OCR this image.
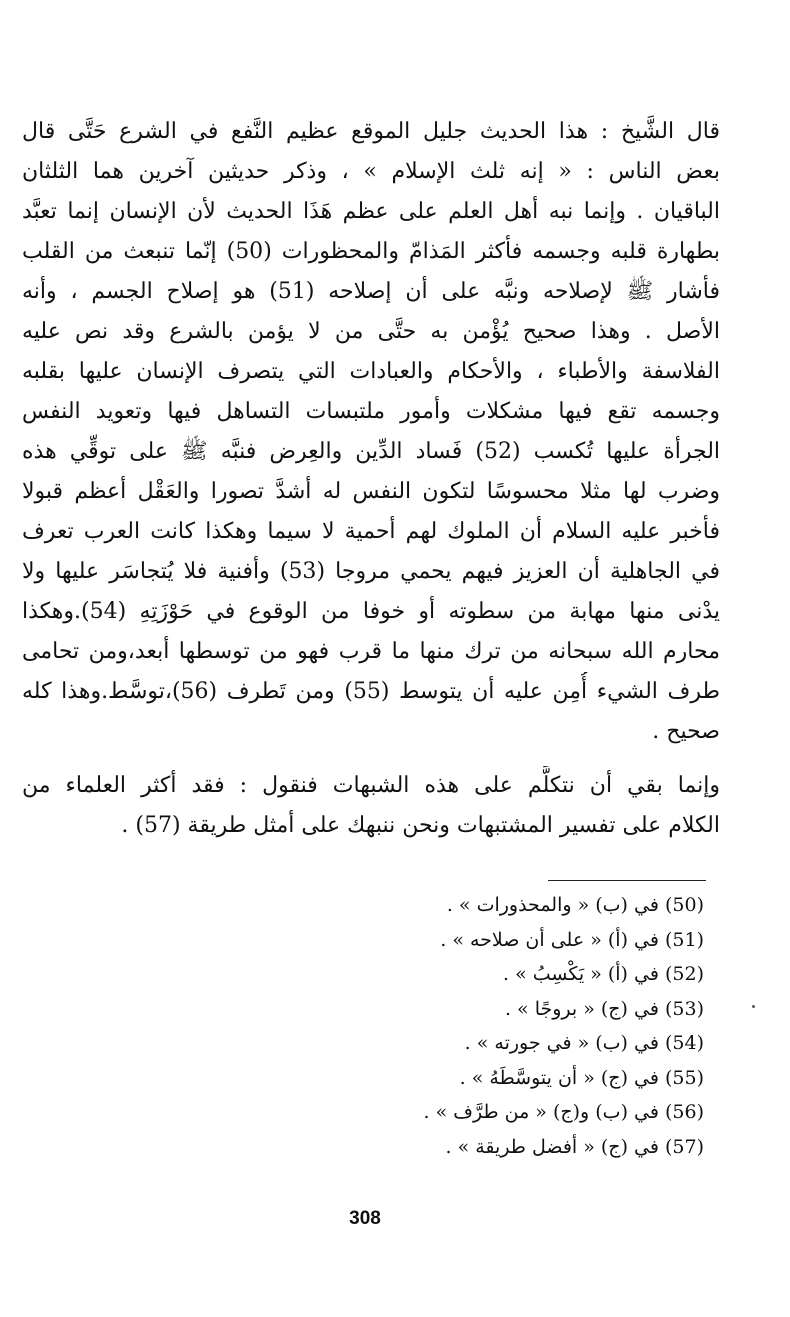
قال الشَّيخ : هذا الحديث جليل الموقع عظيم النَّفع في الشرع حَتَّى قال
بعض الناس : « إنه ثلث الإسلام » ، وذكر حديثين آخرين هما الثلثان
الباقيان . وإنما نبه أهل العلم على عظم هَذَا الحديث لأن الإنسان إنما تعبَّد
بطهارة قلبه وجسمه فأكثر المَذامّ والمحظورات (50) إنّما تنبعث من القلب
فأشار ﷺ لإصلاحه ونبَّه على أن إصلاحه (51) هو إصلاح الجسم ، وأنه
الأصل . وهذا صحيح يُؤْمن به حتَّى من لا يؤمن بالشرع وقد نص عليه
الفلاسفة والأطباء ، والأحكام والعبادات التي يتصرف الإنسان عليها بقلبه
وجسمه تقع فيها مشكلات وأمور ملتبسات التساهل فيها وتعويد النفس
الجرأة عليها تُكسب (52) فَساد الدِّين والعِرض فنبَّه ﷺ على توقِّي هذه
وضرب لها مثلا محسوسًا لتكون النفس له أشدَّ تصورا والعَقْل أعظم قبولا
فأخبر عليه السلام أن الملوك لهم أحمية لا سيما وهكذا كانت العرب تعرف
في الجاهلية أن العزيز فيهم يحمي مروجا (53) وأفنية فلا يُتجاسَر عليها ولا
يدْنى منها مهابة من سطوته أو خوفا من الوقوع في حَوْزَتِهِ (54).وهكذا
محارم الله سبحانه من ترك منها ما قرب فهو من توسطها أبعد،ومن تحامى
طرف الشيء أُمِن عليه أن يتوسط (55) ومن تَطرف (56)،توسَّط.وهذا كله
صحيح .
وإنما بقي أن نتكلَّم على هذه الشبهات فنقول : فقد أكثر العلماء من
الكلام على تفسير المشتبهات ونحن ننبهك على أمثل طريقة (57) .
(50) في (ب) « والمحذورات » .
(51) في (أ) « على أن صلاحه » .
(52) في (أ) « يَكْسِبُ » .
(53) في (ج) « بروجًا » .
(54) في (ب) « في جورته » .
(55) في (ج) « أن يتوسَّطَهُ » .
(56) في (ب) و(ج) « من طرَّف » .
(57) في (ج) « أفضل طريقة » .
308
